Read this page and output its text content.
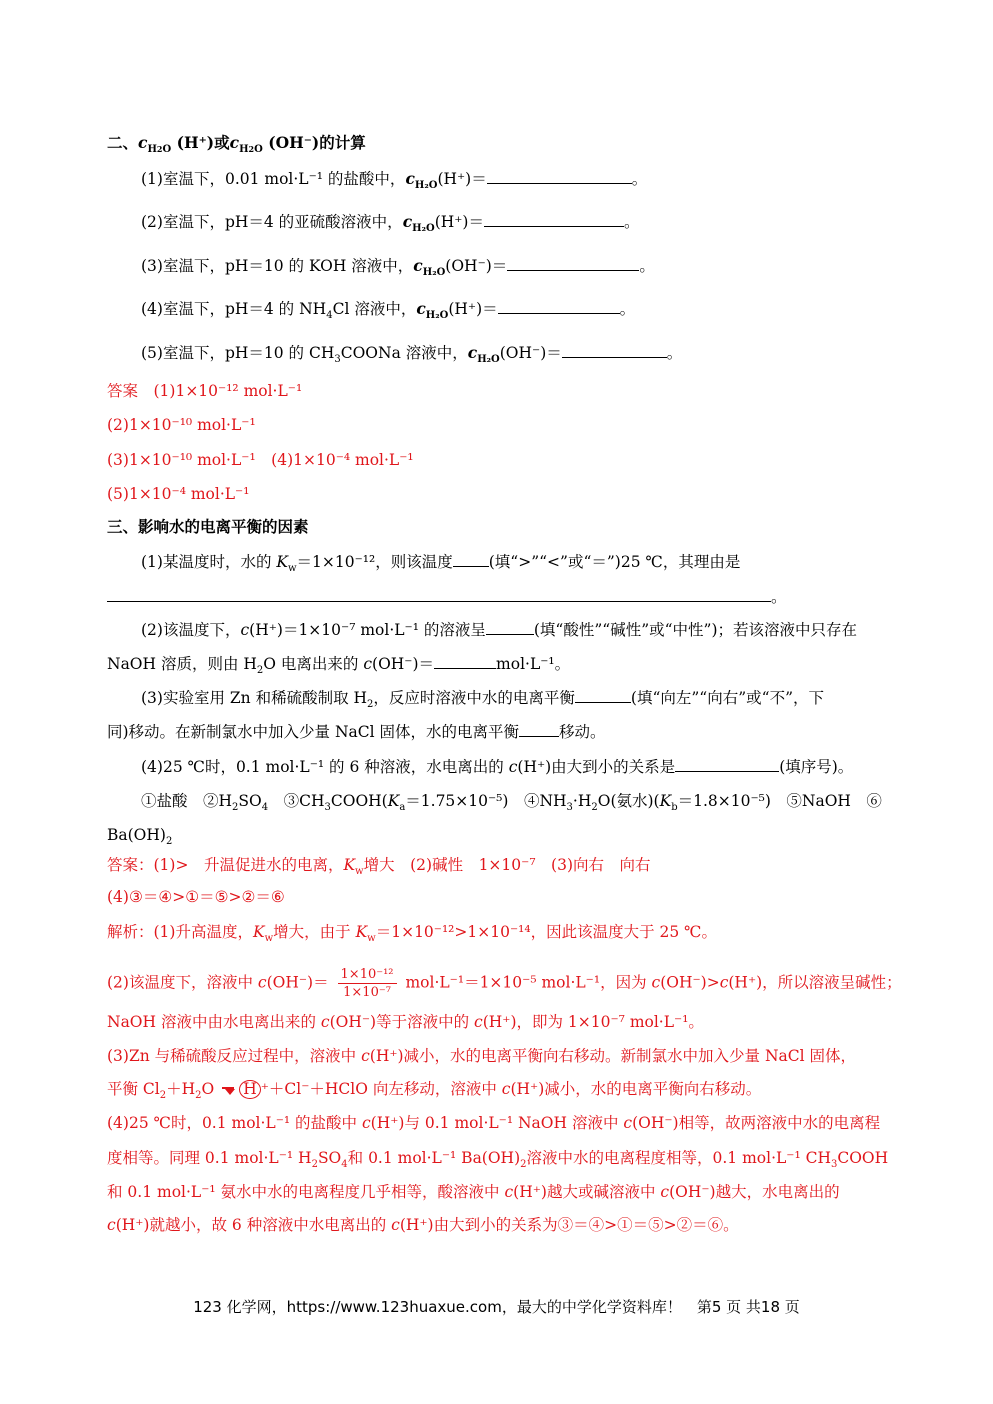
二、$c_{H2O}$ (H⁺)或$c_{H2O}$ (OH⁻)的计算
(1)室温下，0.01 mol·L⁻¹ 的盐酸中，$c_{H_2O}(H^+)=$	。
(2)室温下，pH＝4 的亚硫酸溶液中，$c_{H_2O}(H^+)=$	。
(3)室温下，pH＝10 的 KOH 溶液中，$c_{H_2O}(OH^-)=$	。
(4)室温下，pH＝4 的 $NH_4Cl$ 溶液中，$c_{H_2O}(H^+)=$	。
(5)室温下，pH＝10 的 $CH_3COONa$ 溶液中，$c_{H_2O}(OH^-)=$	。
答案　(1)1×10⁻¹² mol·L⁻¹
(2)1×10⁻¹⁰ mol·L⁻¹
(3)1×10⁻¹⁰ mol·L⁻¹　(4)1×10⁻⁴ mol·L⁻¹
(5)1×10⁻⁴ mol·L⁻¹
三、影响水的电离平衡的因素
(1)某温度时，水的 $K_w=1\times 10^{-12}$，则该温度 (填“>”“<”或“＝”)25 ℃，其理由是
。
(2)该温度下，c(H⁺)＝1×10⁻⁷ mol·L⁻¹ 的溶液呈	(填“酸性”“碱性”或“中性”)；若该溶液中只存在
NaOH 溶质，则由 $H_2O$ 电离出来的 c(OH⁻)＝	mol·L⁻¹。
(3)实验室用 Zn 和稀硫酸制取 $H_2$，反应时溶液中水的电离平衡	(填“向左”“向右”或“不”，下
同)移动。在新制氯水中加入少量 NaCl 固体，水的电离平衡	移动。
(4)25 ℃时，0.1 mol·L⁻¹ 的 6 种溶液，水电离出的 c(H⁺)由大到小的关系是	(填序号)。
①盐酸　$②H_2SO_4$　$③CH_3COOH(K_a=1.75\times 10^{-5})$　$④NH_3\cdot H_2O$(氨水)$(K_b=1.8\times 10^{-5})$　⑤NaOH　⑥
$Ba(OH)_2$
答案：(1)>　升温促进水的电离，$K_w$增大　(2)碱性　1×10⁻⁷　(3)向右　向右
(4)③＝④>①＝⑤>②＝⑥
解析：(1)升高温度，$K_w$增大，由于 $K_w=1\times 10^{-12}>1\times 10^{-14}$，因此该温度大于 25 ℃。
(2)该温度下，溶液中 $c(OH^-)= \frac{\text{1×10⁻¹²}}{\text{1×10⁻⁷}} mol\cdot L^{-1}=1\times 10^{-5}$ mol·L⁻¹，因为 c(OH⁻)>c(H⁺)，所以溶液呈碱性；
NaOH 溶液中由水电离出来的 c(OH⁻)等于溶液中的 c(H⁺)，即为 1×10⁻⁷ mol·L⁻¹。
(3)Zn 与稀硫酸反应过程中，溶液中 c(H⁺)减小，水的电离平衡向右移动。新制氯水中加入少量 NaCl 固体，
平衡 $Cl_2+H_2O$ H ⁺＋Cl⁻＋HClO 向左移动，溶液中 c(H⁺)减小，水的电离平衡向右移动。
(4)25 ℃时，0.1 mol·L⁻¹ 的盐酸中 c(H⁺)与 0.1 mol·L⁻¹ NaOH 溶液中 c(OH⁻)相等，故两溶液中水的电离程
度相等。同理 0.1 mol·L⁻¹ $H_2SO_4$和 0.1 mol·L⁻¹ $Ba(OH)_2$溶液中水的电离程度相等，0.1 mol·L⁻¹ $CH_3COOH$
和 0.1 mol·L⁻¹ 氨水中水的电离程度几乎相等，酸溶液中 c(H⁺)越大或碱溶液中 c(OH⁻)越大，水电离出的
c(H⁺)就越小，故 6 种溶液中水电离出的 c(H⁺)由大到小的关系为③＝④>①＝⑤>②＝⑥。
123 化学网，https://www.123huaxue.com，最大的中学化学资料库！　第5 页 共18 页
